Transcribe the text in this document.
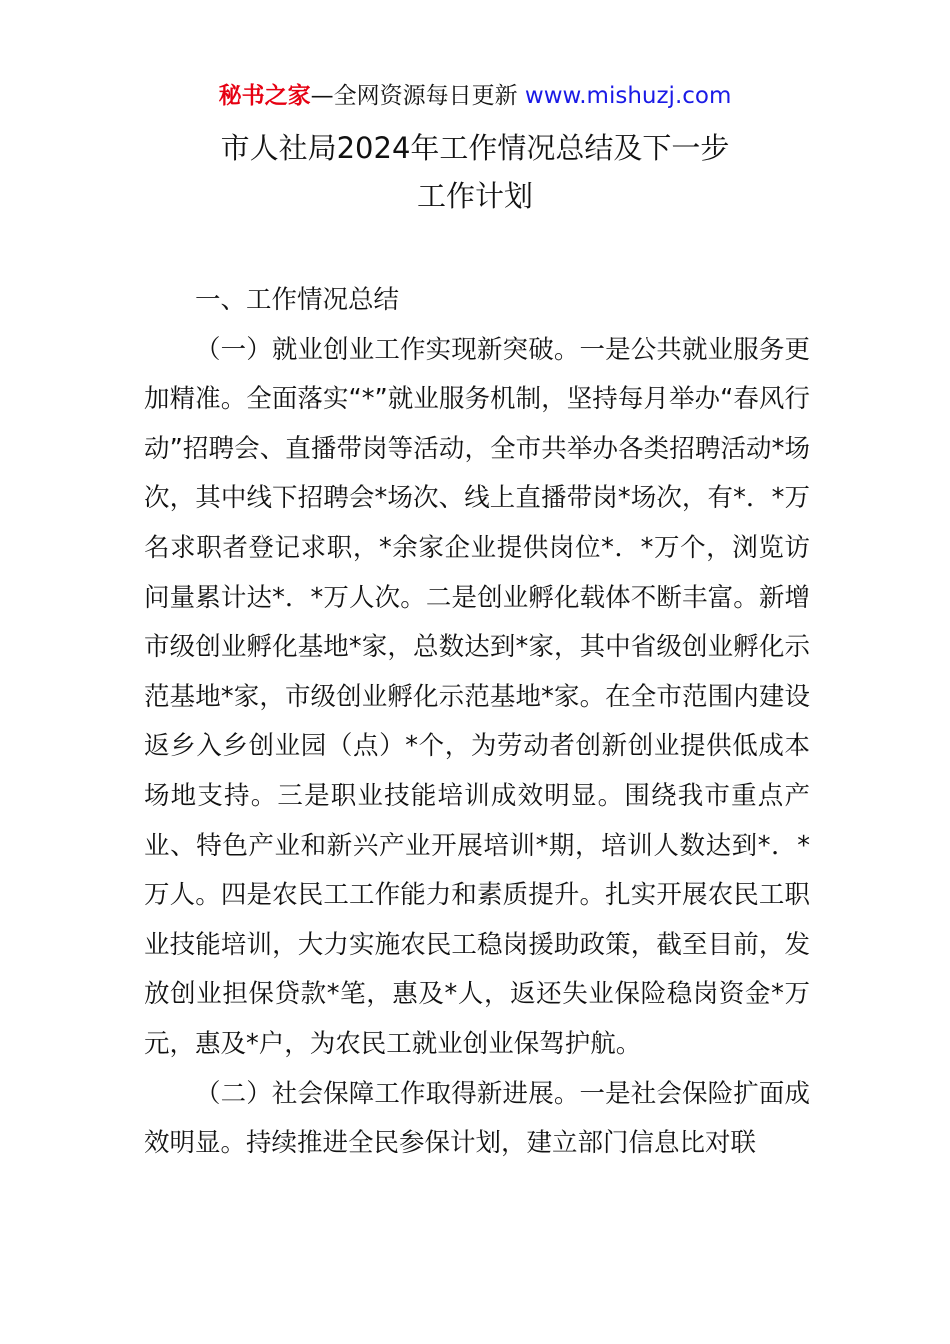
秘书之家—全网资源每日更新 www.mishuzj.com
市人社局2024年工作情况总结及下一步
工作计划

一、工作情况总结

（一）就业创业工作实现新突破。一是公共就业服务更加精准。全面落实“*”就业服务机制，坚持每月举办“春风行动”招聘会、直播带岗等活动，全市共举办各类招聘活动*场次，其中线下招聘会*场次、线上直播带岗*场次，有*．*万名求职者登记求职，*余家企业提供岗位*．*万个，浏览访问量累计达*．*万人次。二是创业孵化载体不断丰富。新增市级创业孵化基地*家，总数达到*家，其中省级创业孵化示范基地*家，市级创业孵化示范基地*家。在全市范围内建设返乡入乡创业园（点）*个，为劳动者创新创业提供低成本场地支持。三是职业技能培训成效明显。围绕我市重点产业、特色产业和新兴产业开展培训*期，培训人数达到*．*万人。四是农民工工作能力和素质提升。扎实开展农民工职业技能培训，大力实施农民工稳岗援助政策，截至目前，发放创业担保贷款*笔，惠及*人，返还失业保险稳岗资金*万元，惠及*户，为农民工就业创业保驾护航。

（二）社会保障工作取得新进展。一是社会保险扩面成效明显。持续推进全民参保计划，建立部门信息比对联
